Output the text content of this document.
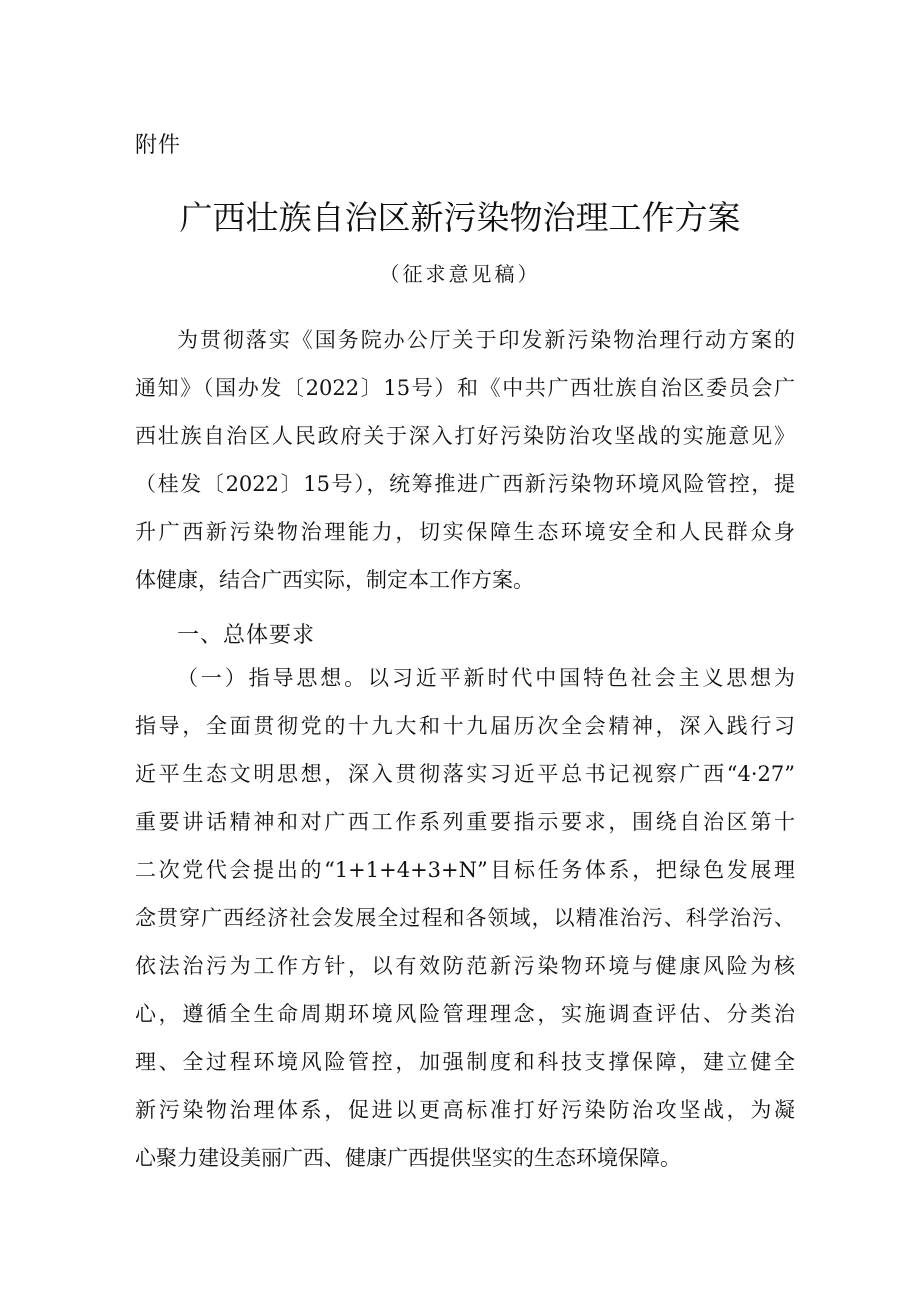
附件
广西壮族自治区新污染物治理工作方案
（征求意见稿）
为贯彻落实《国务院办公厅关于印发新污染物治理行动方案的
通知》（国办发〔2022〕15号）和《中共广西壮族自治区委员会广
西壮族自治区人民政府关于深入打好污染防治攻坚战的实施意见》
（桂发〔2022〕15号），统筹推进广西新污染物环境风险管控，提
升广西新污染物治理能力，切实保障生态环境安全和人民群众身
体健康，结合广西实际，制定本工作方案。
一、总体要求
（一）指导思想。以习近平新时代中国特色社会主义思想为
指导，全面贯彻党的十九大和十九届历次全会精神，深入践行习
近平生态文明思想，深入贯彻落实习近平总书记视察广西“4·27”
重要讲话精神和对广西工作系列重要指示要求，围绕自治区第十
二次党代会提出的“1+1+4+3+N”目标任务体系，把绿色发展理
念贯穿广西经济社会发展全过程和各领域，以精准治污、科学治污、
依法治污为工作方针，以有效防范新污染物环境与健康风险为核
心，遵循全生命周期环境风险管理理念，实施调查评估、分类治
理、全过程环境风险管控，加强制度和科技支撑保障，建立健全
新污染物治理体系，促进以更高标准打好污染防治攻坚战，为凝
心聚力建设美丽广西、健康广西提供坚实的生态环境保障。
